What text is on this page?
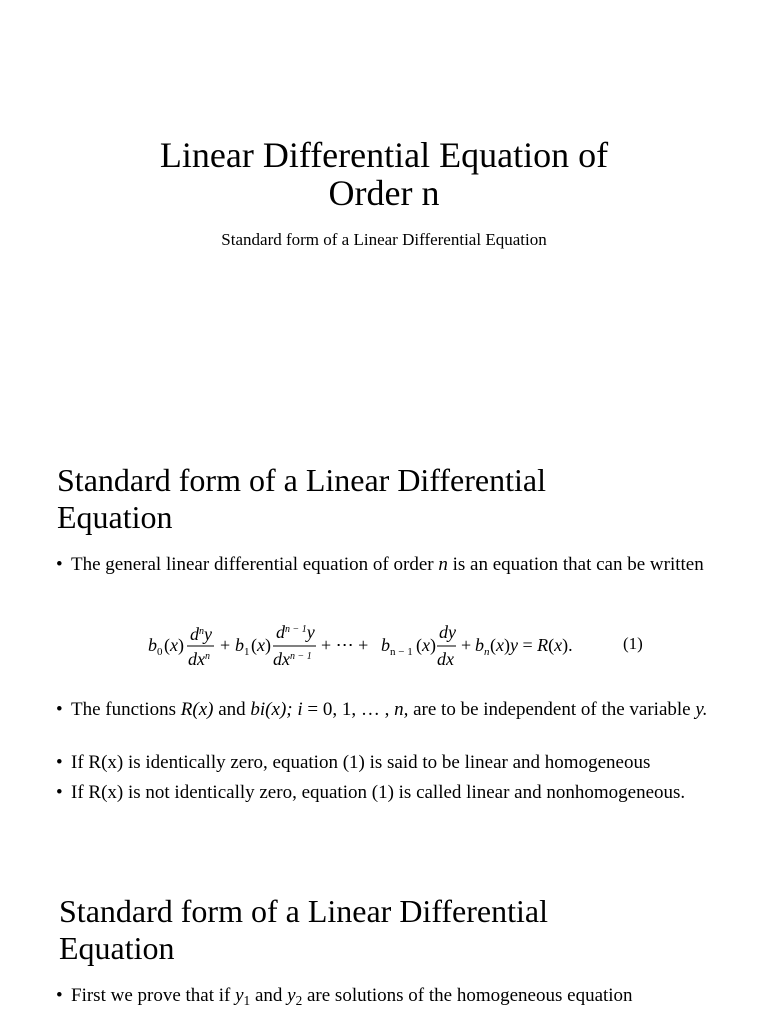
Linear Differential Equation of
Order n
Standard form of a Linear Differential Equation
Standard form of a Linear Differential
Equation

• The general linear differential equation of order n is an equation that can be written

b 0 (x)
$d^ny$
$dx^n$
+ b 1 (x)
$d^{n - 1}y$
$dx^{n - 1}$
+ ⋯ + b n − 1 (x)
dy
dx
+ b n (x)y = R(x).	(1)

• The functions R(x) and bi(x); i = 0, 1, … , n, are to be independent of the variable y.

• If R(x) is identically zero, equation (1) is said to be linear and homogeneous

• If R(x) is not identically zero, equation (1) is called linear and nonhomogeneous.

Standard form of a Linear Differential
Equation

• First we prove that if $y_1$ and $y_2$ are solutions of the homogeneous equation
